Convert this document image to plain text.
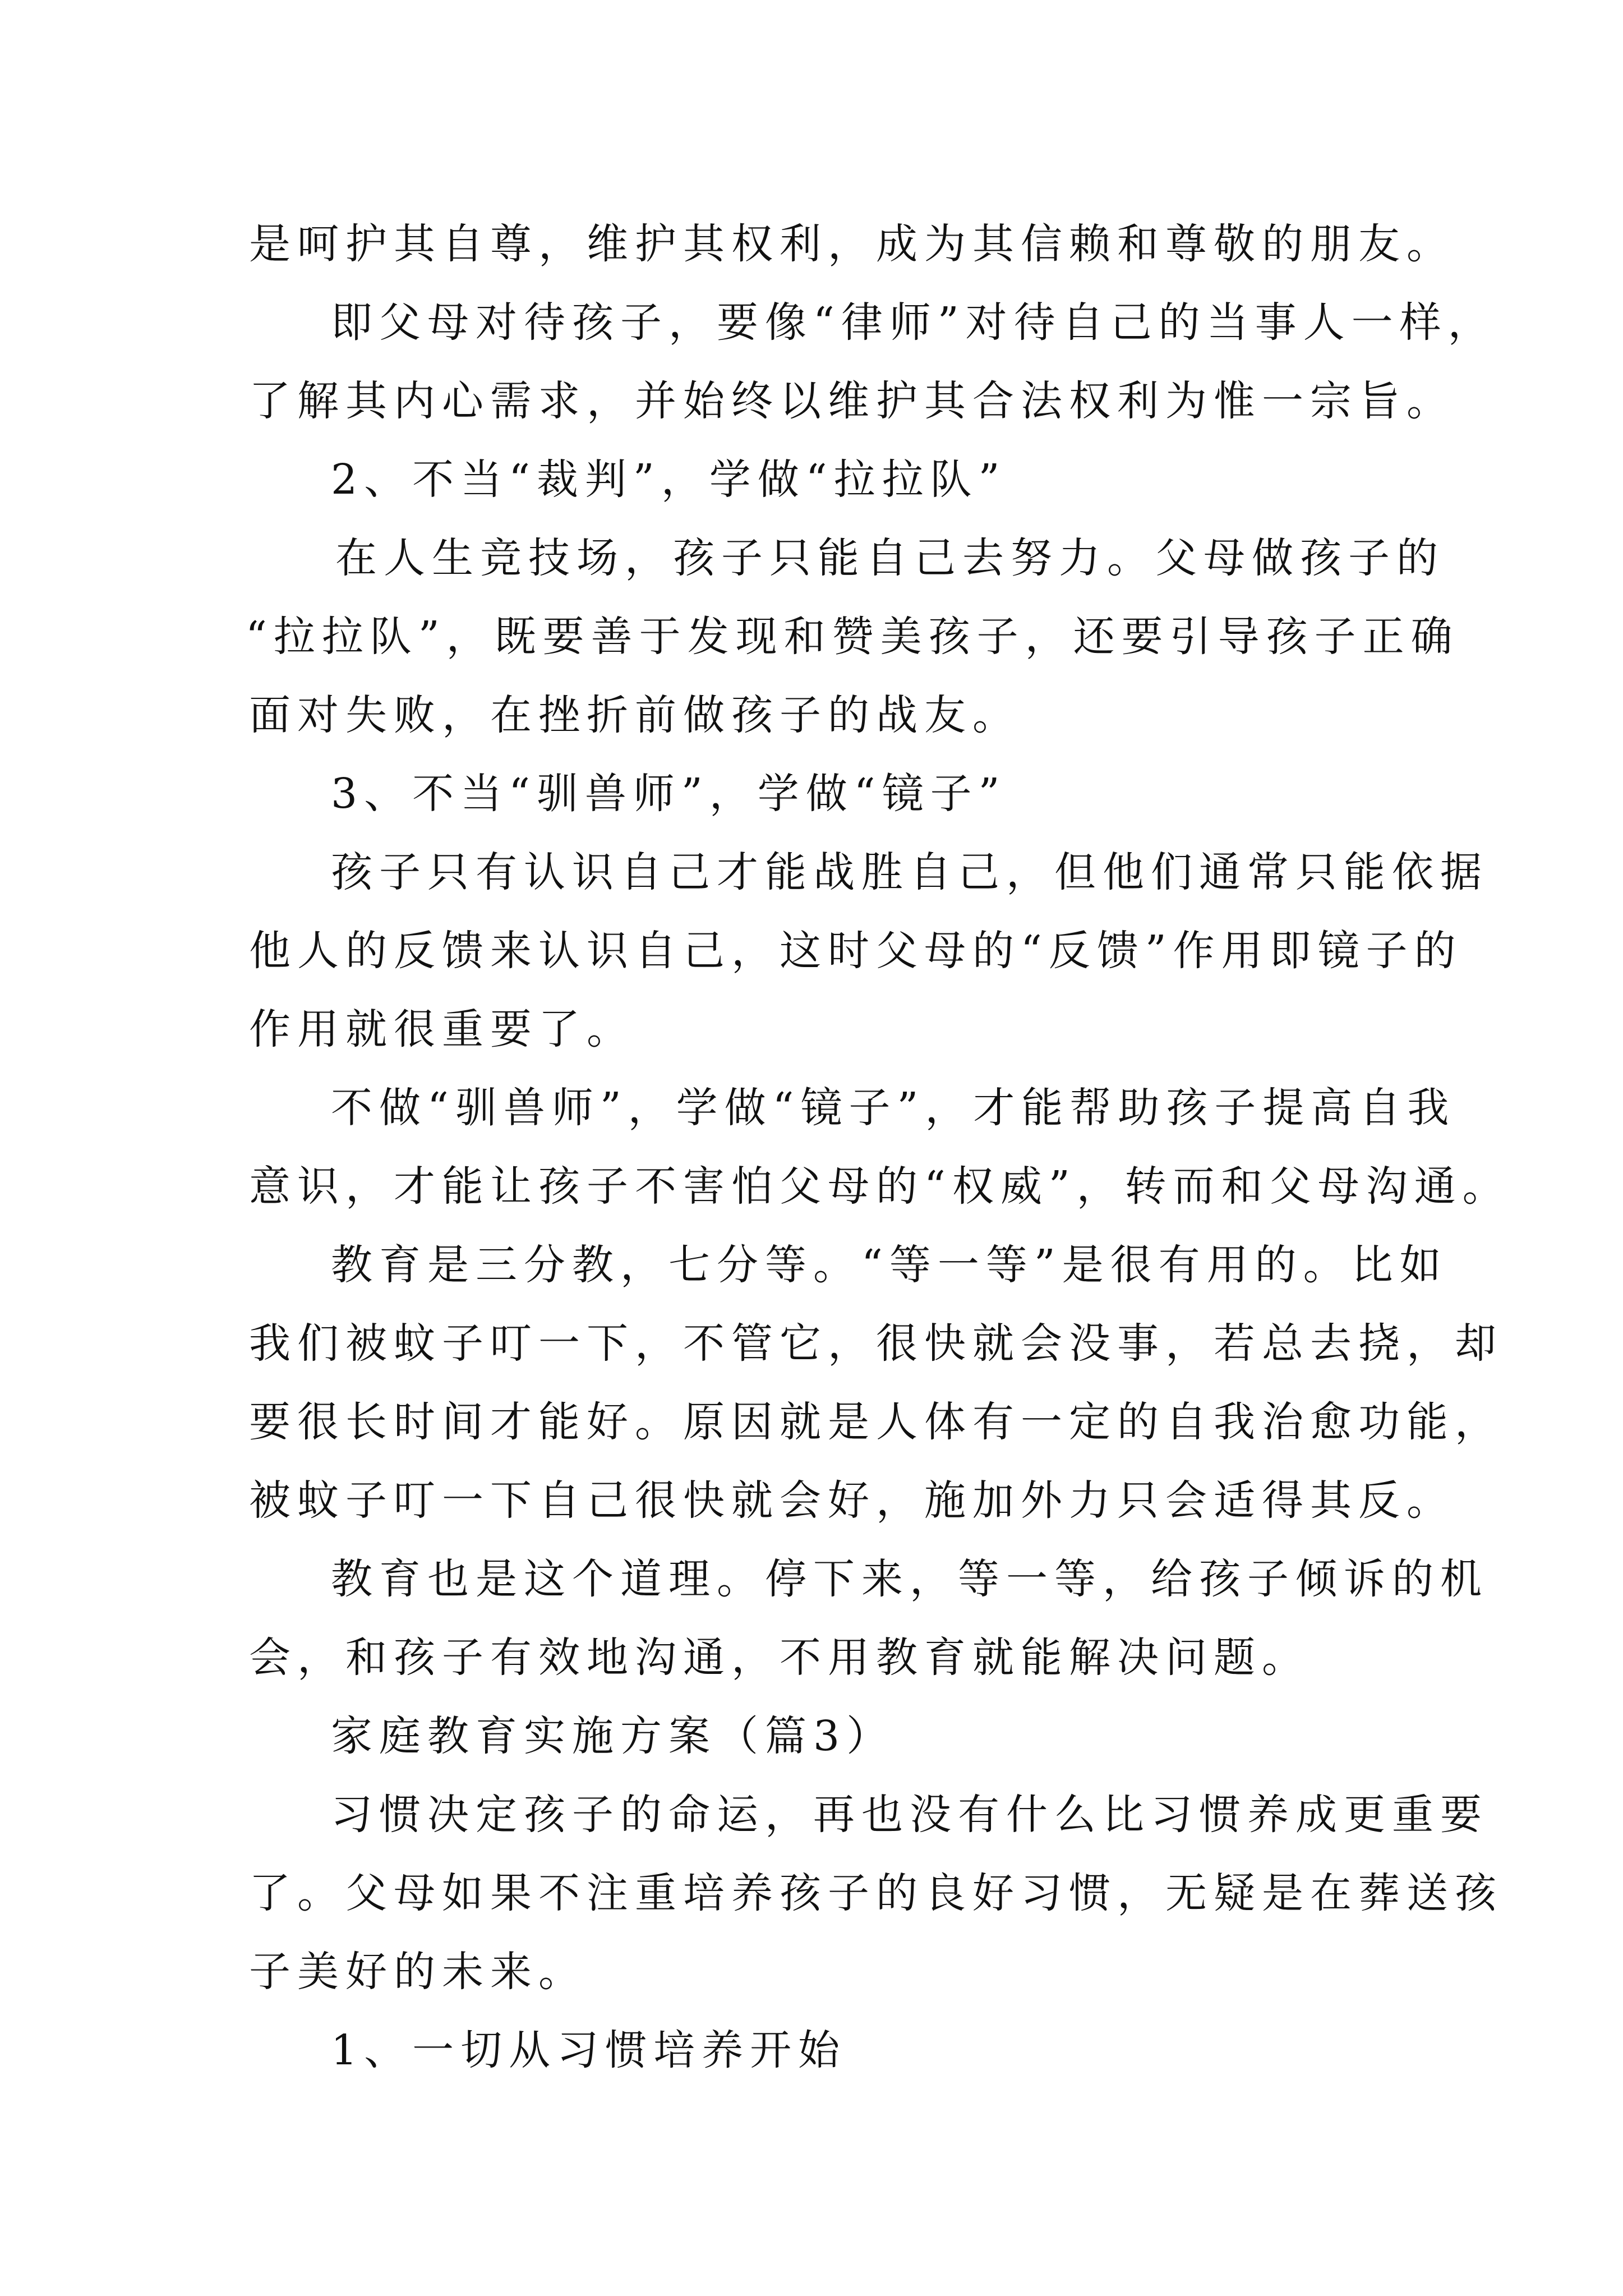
是呵护其自尊，维护其权利，成为其信赖和尊敬的朋友。

即父母对待孩子，要像“律师”对待自己的当事人一样，

了解其内心需求，并始终以维护其合法权利为惟一宗旨。

2、不当“裁判”，学做“拉拉队”

在人生竞技场，孩子只能自己去努力。父母做孩子的

“拉拉队”，既要善于发现和赞美孩子，还要引导孩子正确

面对失败，在挫折前做孩子的战友。

3、不当“驯兽师”，学做“镜子”

孩子只有认识自己才能战胜自己，但他们通常只能依据

他人的反馈来认识自己，这时父母的“反馈”作用即镜子的

作用就很重要了。

不做“驯兽师”，学做“镜子”，才能帮助孩子提高自我

意识，才能让孩子不害怕父母的“权威”，转而和父母沟通。

教育是三分教，七分等。“等一等”是很有用的。比如

我们被蚊子叮一下，不管它，很快就会没事，若总去挠，却

要很长时间才能好。原因就是人体有一定的自我治愈功能，

被蚊子叮一下自己很快就会好，施加外力只会适得其反。

教育也是这个道理。停下来，等一等，给孩子倾诉的机

会，和孩子有效地沟通，不用教育就能解决问题。

家庭教育实施方案（篇3）

习惯决定孩子的命运，再也没有什么比习惯养成更重要

了。父母如果不注重培养孩子的良好习惯，无疑是在葬送孩

子美好的未来。

1、一切从习惯培养开始
